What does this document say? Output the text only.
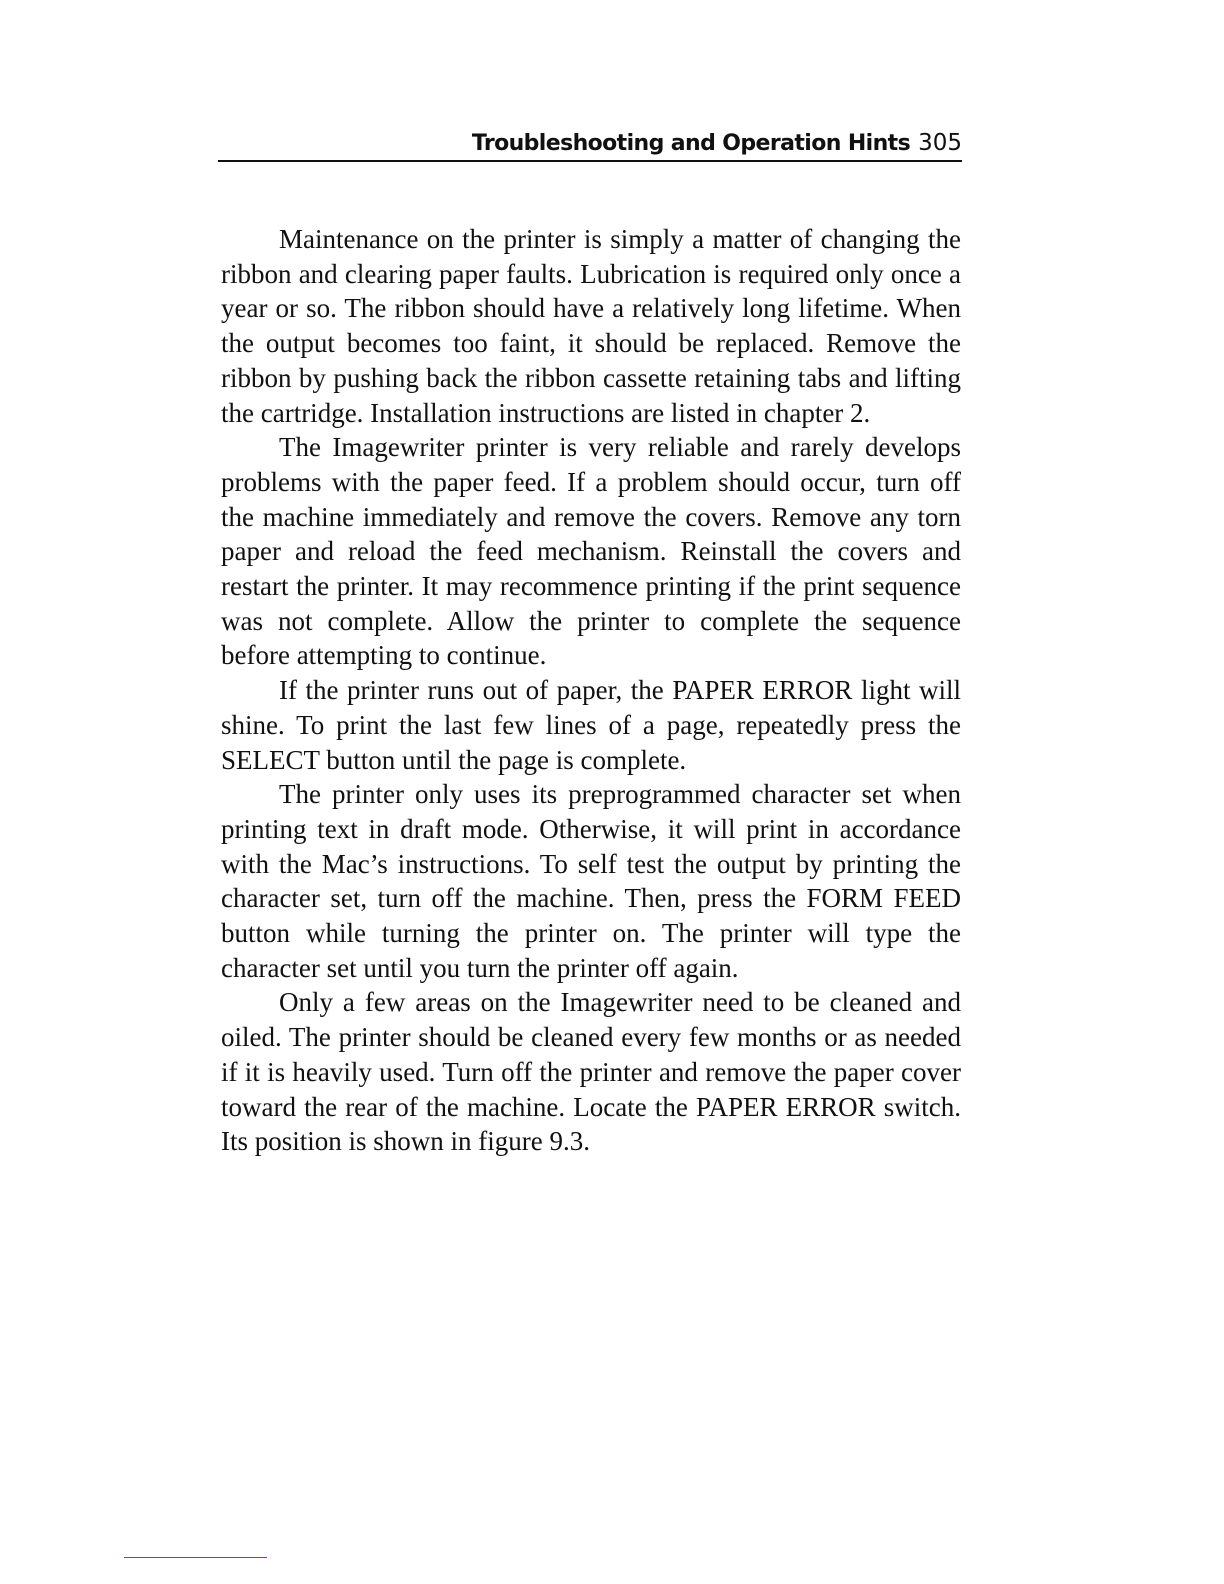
Troubleshooting and Operation Hints 305

Maintenance on the printer is simply a matter of changing the ribbon and clearing paper faults. Lubrication is required only once a year or so. The ribbon should have a relatively long lifetime. When the output becomes too faint, it should be replaced. Remove the ribbon by pushing back the ribbon cassette retaining tabs and lifting the cartridge. Installation instructions are listed in chapter 2.

The Imagewriter printer is very reliable and rarely develops problems with the paper feed. If a problem should occur, turn off the machine immediately and remove the covers. Remove any torn paper and reload the feed mechanism. Reinstall the covers and restart the printer. It may recommence printing if the print sequence was not complete. Allow the printer to complete the sequence before attempting to continue.

If the printer runs out of paper, the PAPER ERROR light will shine. To print the last few lines of a page, repeatedly press the SELECT button until the page is complete.

The printer only uses its preprogrammed character set when printing text in draft mode. Otherwise, it will print in accordance with the Mac’s instructions. To self test the output by printing the character set, turn off the machine. Then, press the FORM FEED button while turning the printer on. The printer will type the character set until you turn the printer off again.

Only a few areas on the Imagewriter need to be cleaned and oiled. The printer should be cleaned every few months or as needed if it is heavily used. Turn off the printer and remove the paper cover toward the rear of the machine. Locate the PAPER ERROR switch. Its position is shown in figure 9.3.
